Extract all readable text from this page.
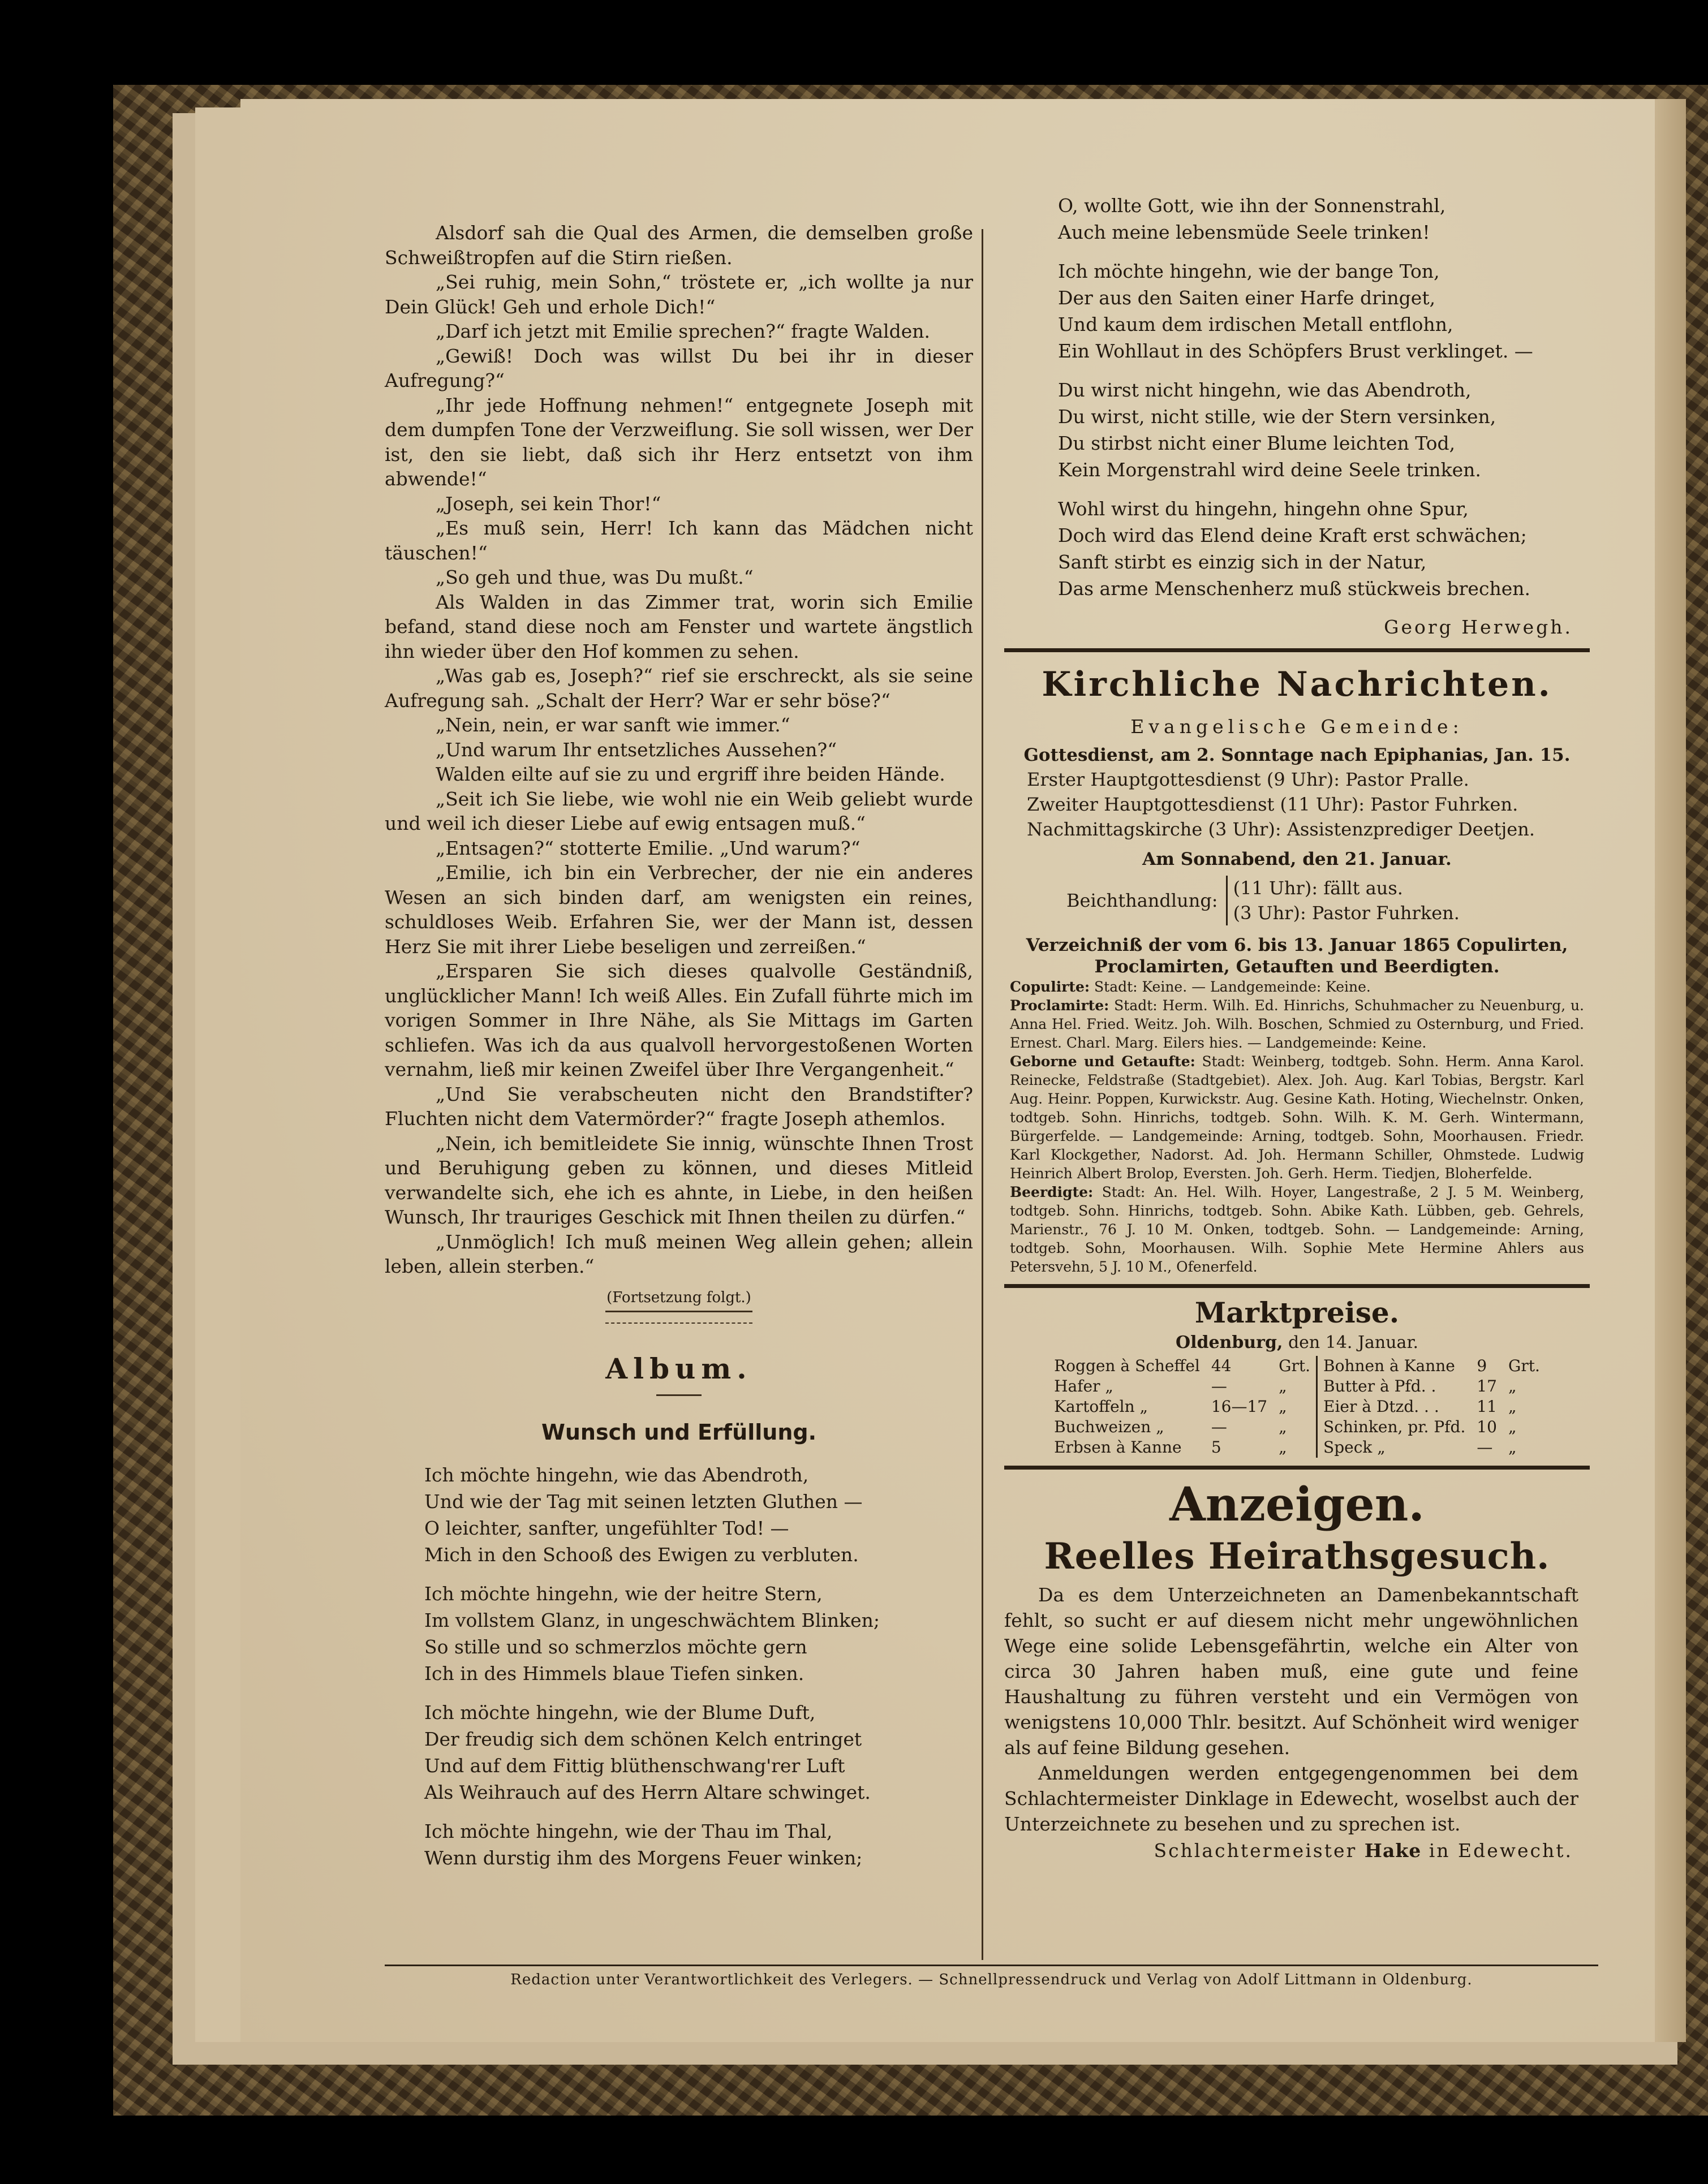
Alsdorf sah die Qual des Armen, die demselben große Schweißtropfen auf die Stirn rießen.

„Sei ruhig, mein Sohn,“ tröstete er, „ich wollte ja nur Dein Glück! Geh und erhole Dich!“

„Darf ich jetzt mit Emilie sprechen?“ fragte Walden.

„Gewiß! Doch was willst Du bei ihr in dieser Aufregung?“

„Ihr jede Hoffnung nehmen!“ entgegnete Joseph mit dem dumpfen Tone der Verzweiflung. Sie soll wissen, wer Der ist, den sie liebt, daß sich ihr Herz entsetzt von ihm abwende!“

„Joseph, sei kein Thor!“

„Es muß sein, Herr! Ich kann das Mädchen nicht täuschen!“

„So geh und thue, was Du mußt.“

Als Walden in das Zimmer trat, worin sich Emilie befand, stand diese noch am Fenster und wartete ängstlich ihn wieder über den Hof kommen zu sehen.

„Was gab es, Joseph?“ rief sie erschreckt, als sie seine Aufregung sah. „Schalt der Herr? War er sehr böse?“

„Nein, nein, er war sanft wie immer.“

„Und warum Ihr entsetzliches Aussehen?“

Walden eilte auf sie zu und ergriff ihre beiden Hände.

„Seit ich Sie liebe, wie wohl nie ein Weib geliebt wurde und weil ich dieser Liebe auf ewig entsagen muß.“

„Entsagen?“ stotterte Emilie. „Und warum?“

„Emilie, ich bin ein Verbrecher, der nie ein anderes Wesen an sich binden darf, am wenigsten ein reines, schuldloses Weib. Erfahren Sie, wer der Mann ist, dessen Herz Sie mit ihrer Liebe beseligen und zerreißen.“

„Ersparen Sie sich dieses qualvolle Geständniß, unglücklicher Mann! Ich weiß Alles. Ein Zufall führte mich im vorigen Sommer in Ihre Nähe, als Sie Mittags im Garten schliefen. Was ich da aus qualvoll hervorgestoßenen Worten vernahm, ließ mir keinen Zweifel über Ihre Vergangenheit.“

„Und Sie verabscheuten nicht den Brandstifter? Fluchten nicht dem Vatermörder?“ fragte Joseph athemlos.

„Nein, ich bemitleidete Sie innig, wünschte Ihnen Trost und Beruhigung geben zu können, und dieses Mitleid verwandelte sich, ehe ich es ahnte, in Liebe, in den heißen Wunsch, Ihr trauriges Geschick mit Ihnen theilen zu dürfen.“

„Unmöglich! Ich muß meinen Weg allein gehen; allein leben, allein sterben.“

(Fortsetzung folgt.)
Album.
Wunsch und Erfüllung.
Ich möchte hingehn, wie das Abendroth,
Und wie der Tag mit seinen letzten Gluthen —
O leichter, sanfter, ungefühlter Tod! —
Mich in den Schooß des Ewigen zu verbluten.
Ich möchte hingehn, wie der heitre Stern,
Im vollstem Glanz, in ungeschwächtem Blinken;
So stille und so schmerzlos möchte gern
Ich in des Himmels blaue Tiefen sinken.
Ich möchte hingehn, wie der Blume Duft,
Der freudig sich dem schönen Kelch entringet
Und auf dem Fittig blüthenschwang'rer Luft
Als Weihrauch auf des Herrn Altare schwinget.
Ich möchte hingehn, wie der Thau im Thal,
Wenn durstig ihm des Morgens Feuer winken;
O, wollte Gott, wie ihn der Sonnenstrahl,
Auch meine lebensmüde Seele trinken!
Ich möchte hingehn, wie der bange Ton,
Der aus den Saiten einer Harfe dringet,
Und kaum dem irdischen Metall entflohn,
Ein Wohllaut in des Schöpfers Brust verklinget. —
Du wirst nicht hingehn, wie das Abendroth,
Du wirst, nicht stille, wie der Stern versinken,
Du stirbst nicht einer Blume leichten Tod,
Kein Morgenstrahl wird deine Seele trinken.
Wohl wirst du hingehn, hingehn ohne Spur,
Doch wird das Elend deine Kraft erst schwächen;
Sanft stirbt es einzig sich in der Natur,
Das arme Menschenherz muß stückweis brechen.
Georg Herwegh.
Kirchliche Nachrichten.
Evangelische Gemeinde:
Gottesdienst, am 2. Sonntage nach Epiphanias, Jan. 15.
Erster Hauptgottesdienst (9 Uhr): Pastor Pralle.
Zweiter Hauptgottesdienst (11 Uhr): Pastor Fuhrken.
Nachmittagskirche (3 Uhr): Assistenzprediger Deetjen.
Am Sonnabend, den 21. Januar.
Beichthandlung:
(11 Uhr): fällt aus.
(3 Uhr): Pastor Fuhrken.
Verzeichniß der vom 6. bis 13. Januar 1865 Copulirten, Proclamirten, Getauften und Beerdigten.
Copulirte: Stadt: Keine. — Landgemeinde: Keine.
Proclamirte: Stadt: Herm. Wilh. Ed. Hinrichs, Schuhmacher zu Neuenburg, u. Anna Hel. Fried. Weitz. Joh. Wilh. Boschen, Schmied zu Osternburg, und Fried. Ernest. Charl. Marg. Eilers hies. — Landgemeinde: Keine.
Geborne und Getaufte: Stadt: Weinberg, todtgeb. Sohn. Herm. Anna Karol. Reinecke, Feldstraße (Stadtgebiet). Alex. Joh. Aug. Karl Tobias, Bergstr. Karl Aug. Heinr. Poppen, Kurwickstr. Aug. Gesine Kath. Hoting, Wiechelnstr. Onken, todtgeb. Sohn. Hinrichs, todtgeb. Sohn. Wilh. K. M. Gerh. Wintermann, Bürgerfelde. — Landgemeinde: Arning, todtgeb. Sohn, Moorhausen. Friedr. Karl Klockgether, Nadorst. Ad. Joh. Hermann Schiller, Ohmstede. Ludwig Heinrich Albert Brolop, Eversten. Joh. Gerh. Herm. Tiedjen, Bloherfelde.
Beerdigte: Stadt: An. Hel. Wilh. Hoyer, Langestraße, 2 J. 5 M. Weinberg, todtgeb. Sohn. Hinrichs, todtgeb. Sohn. Abike Kath. Lübben, geb. Gehrels, Marienstr., 76 J. 10 M. Onken, todtgeb. Sohn. — Landgemeinde: Arning, todtgeb. Sohn, Moorhausen. Wilh. Sophie Mete Hermine Ahlers aus Petersvehn, 5 J. 10 M., Ofenerfeld.
Marktpreise.
Oldenburg, den 14. Januar.
Roggen à Scheffel	44	Grt.	Bohnen à Kanne	9	Grt.
Hafer „	—	„	Butter à Pfd. .	17	„
Kartoffeln „	16—17	„	Eier à Dtzd. . .	11	„
Buchweizen „	—	„	Schinken, pr. Pfd.	10	„
Erbsen à Kanne	5	„	Speck „	—	„
Anzeigen.
Reelles Heirathsgesuch.

Da es dem Unterzeichneten an Damenbekanntschaft fehlt, so sucht er auf diesem nicht mehr ungewöhnlichen Wege eine solide Lebensgefährtin, welche ein Alter von circa 30 Jahren haben muß, eine gute und feine Haushaltung zu führen versteht und ein Vermögen von wenigstens 10,000 Thlr. besitzt. Auf Schönheit wird weniger als auf feine Bildung gesehen.

Anmeldungen werden entgegengenommen bei dem Schlachtermeister Dinklage in Edewecht, woselbst auch der Unterzeichnete zu besehen und zu sprechen ist.

Schlachtermeister Hake in Edewecht.
Redaction unter Verantwortlichkeit des Verlegers. — Schnellpressendruck und Verlag von Adolf Littmann in Oldenburg.
